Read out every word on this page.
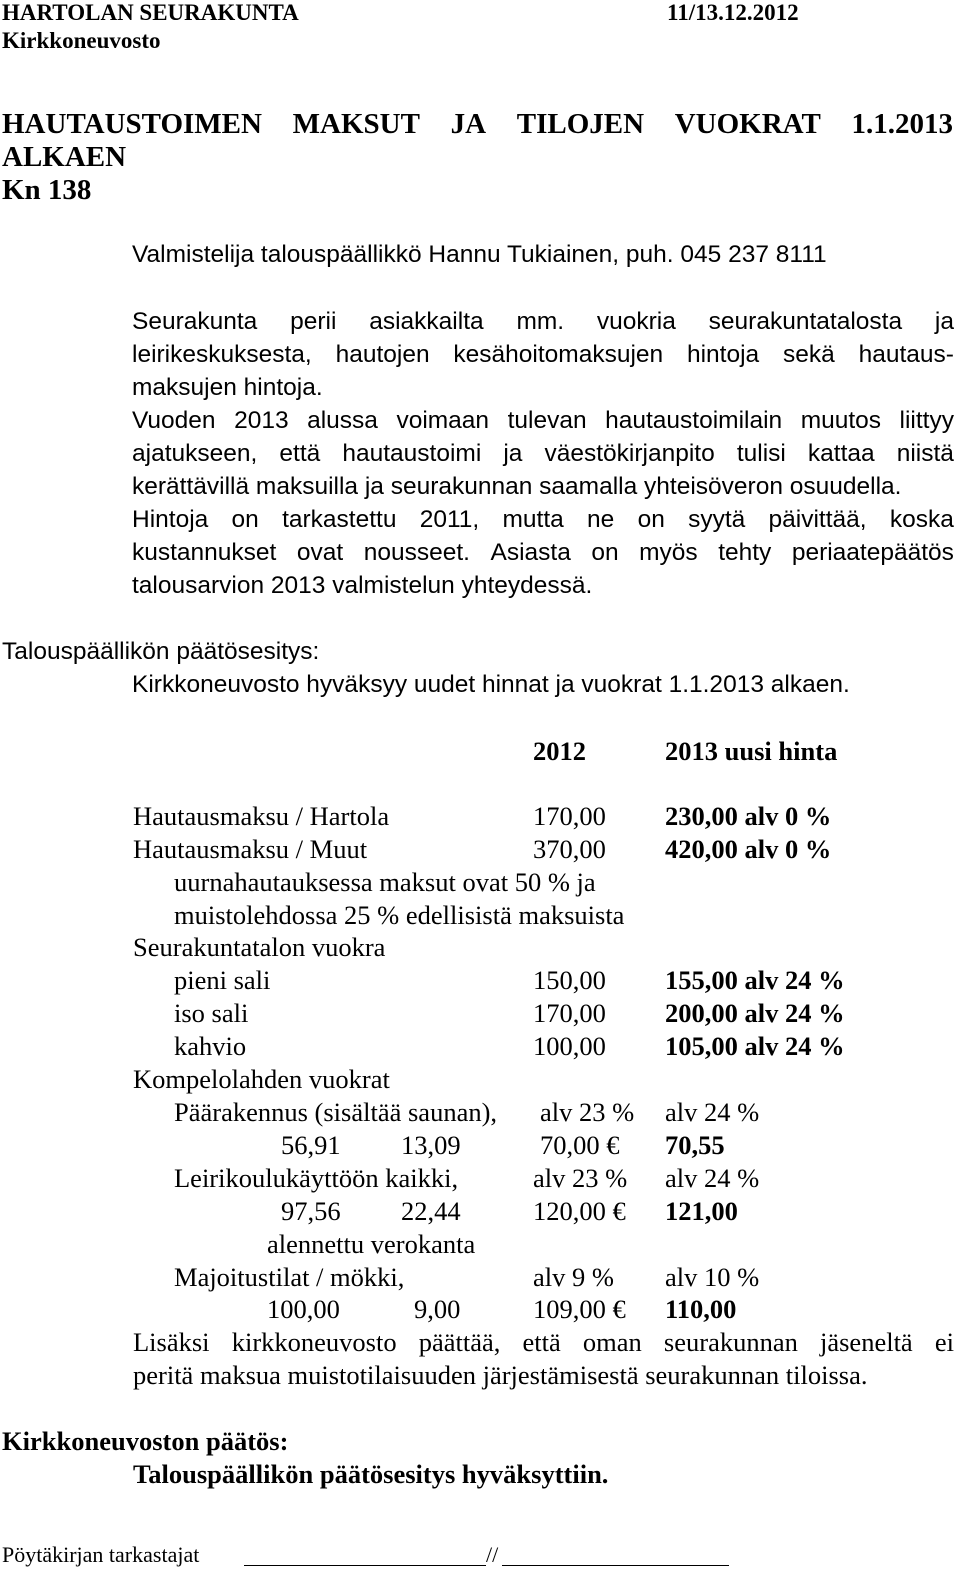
HARTOLAN SEURAKUNTA	11/13.12.2012
Kirkkoneuvosto
HAUTAUSTOIMEN MAKSUT JA TILOJEN VUOKRAT 1.1.2013
ALKAEN
Kn 138
Valmistelija talouspäällikkö Hannu Tukiainen, puh. 045 237 8111
Seurakunta perii asiakkailta mm. vuokria seurakuntatalosta ja
leirikeskuksesta, hautojen kesähoitomaksujen hintoja sekä hautaus-
maksujen hintoja.
Vuoden 2013 alussa voimaan tulevan hautaustoimilain muutos liittyy
ajatukseen, että hautaustoimi ja väestökirjanpito tulisi kattaa niistä
kerättävillä maksuilla ja seurakunnan saamalla yhteisöveron osuudella.
Hintoja on tarkastettu 2011, mutta ne on syytä päivittää, koska
kustannukset ovat nousseet. Asiasta on myös tehty periaatepäätös
talousarvion 2013 valmistelun yhteydessä.
Talouspäällikön päätösesitys:
Kirkkoneuvosto hyväksyy uudet hinnat ja vuokrat 1.1.2013 alkaen.
2012	2013 uusi hinta
Hautausmaksu / Hartola	170,00 230,00 alv 0 %
Hautausmaksu / Muut	370,00 420,00 alv 0 %
uurnahautauksessa maksut ovat 50 % ja
muistolehdossa 25 % edellisistä maksuista
Seurakuntatalon vuokra
pieni sali	150,00 155,00 alv 24 %
iso sali	170,00 200,00 alv 24 %
kahvio	100,00 105,00 alv 24 %
Kompelolahden vuokrat
Päärakennus (sisältää saunan), alv 23 % alv 24 %
56,91 13,09	70,00 € 70,55
Leirikoulukäyttöön kaikki,	alv 23 % alv 24 %
97,56 22,44	120,00 € 121,00
alennettu verokanta
Majoitustilat / mökki,	alv 9 % alv 10 %
100,00	9,00	109,00 € 110,00
Lisäksi kirkkoneuvosto päättää, että oman seurakunnan jäseneltä ei
peritä maksua muistotilaisuuden järjestämisestä seurakunnan tiloissa.
Kirkkoneuvoston päätös:
Talouspäällikön päätösesitys hyväksyttiin.
Pöytäkirjan tarkastajat	//
